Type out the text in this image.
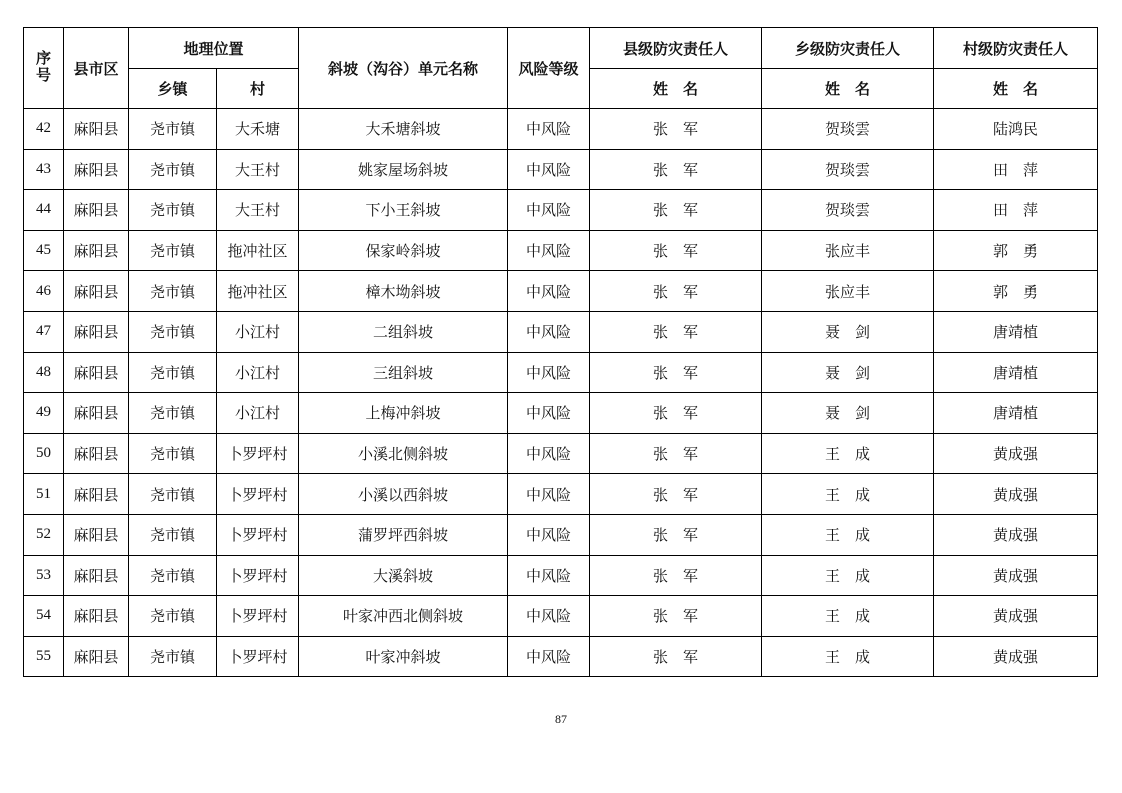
序号	县市区	地理位置		斜坡（沟谷）单元名称	风险等级	县级防灾责任人	乡级防灾责任人	村级防灾责任人
		乡镇	村			姓　名	姓　名	姓　名
42	麻阳县	尧市镇	大禾塘	大禾塘斜坡	中风险	张　军	贺琰雲	陆鸿民
43	麻阳县	尧市镇	大王村	姚家屋场斜坡	中风险	张　军	贺琰雲	田　萍
44	麻阳县	尧市镇	大王村	下小王斜坡	中风险	张　军	贺琰雲	田　萍
45	麻阳县	尧市镇	拖冲社区	保家岭斜坡	中风险	张　军	张应丰	郭　勇
46	麻阳县	尧市镇	拖冲社区	樟木坳斜坡	中风险	张　军	张应丰	郭　勇
47	麻阳县	尧市镇	小江村	二组斜坡	中风险	张　军	聂　剑	唐靖植
48	麻阳县	尧市镇	小江村	三组斜坡	中风险	张　军	聂　剑	唐靖植
49	麻阳县	尧市镇	小江村	上梅冲斜坡	中风险	张　军	聂　剑	唐靖植
50	麻阳县	尧市镇	卜罗坪村	小溪北侧斜坡	中风险	张　军	王　成	黄成强
51	麻阳县	尧市镇	卜罗坪村	小溪以西斜坡	中风险	张　军	王　成	黄成强
52	麻阳县	尧市镇	卜罗坪村	蒲罗坪西斜坡	中风险	张　军	王　成	黄成强
53	麻阳县	尧市镇	卜罗坪村	大溪斜坡	中风险	张　军	王　成	黄成强
54	麻阳县	尧市镇	卜罗坪村	叶家冲西北侧斜坡	中风险	张　军	王　成	黄成强
55	麻阳县	尧市镇	卜罗坪村	叶家冲斜坡	中风险	张　军	王　成	黄成强
87
